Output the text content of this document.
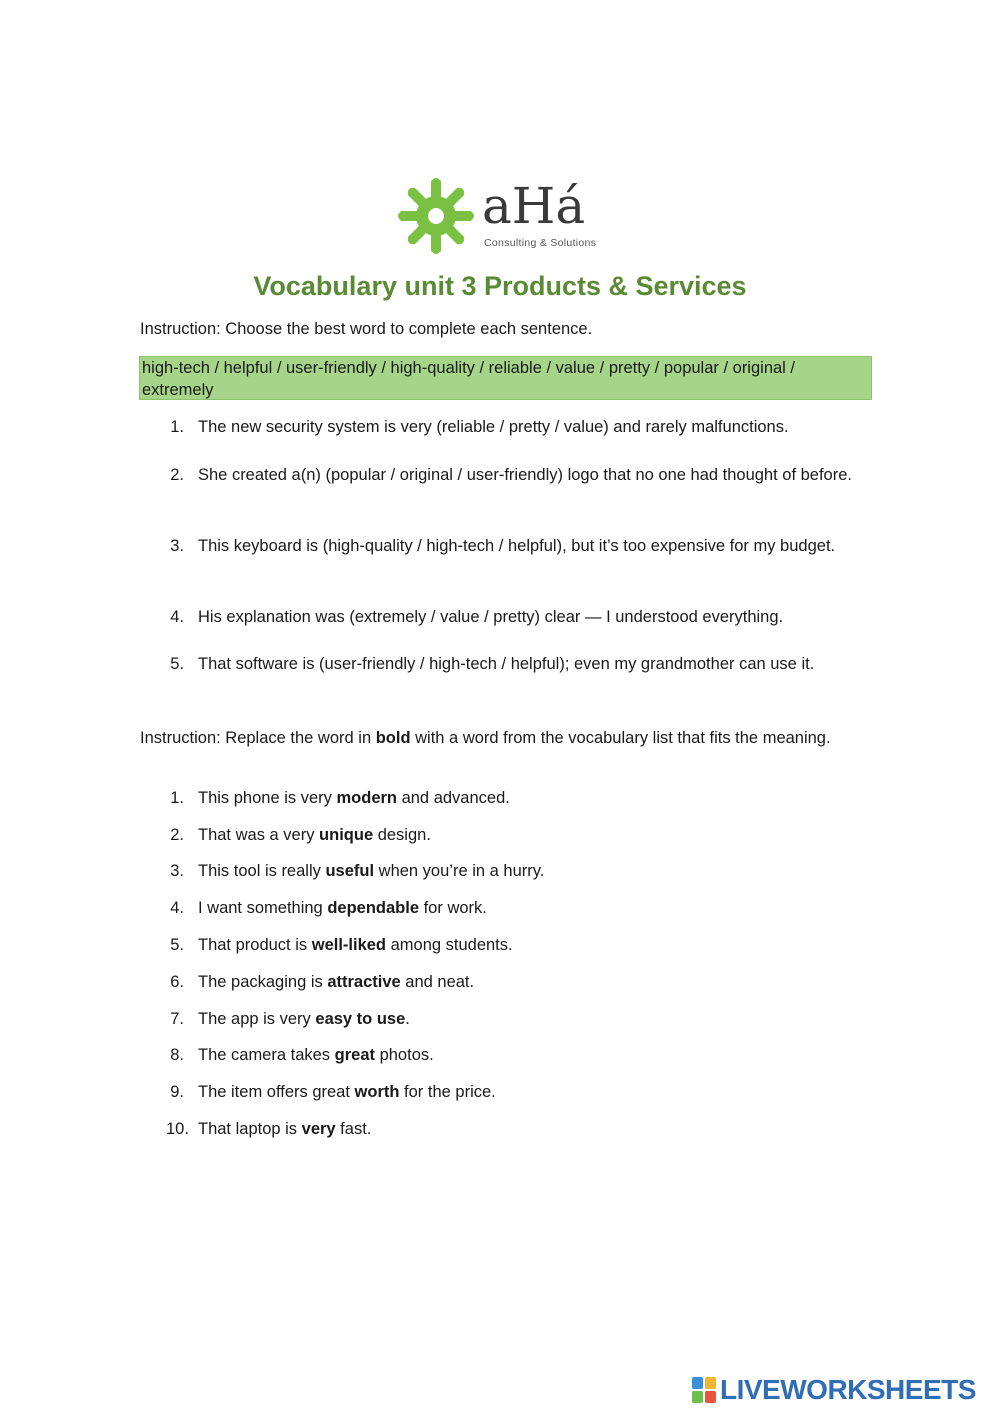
aHá
Consulting & Solutions
Vocabulary unit 3 Products & Services
Instruction: Choose the best word to complete each sentence.
high-tech / helpful / user-friendly / high-quality / reliable / value / pretty / popular / original / extremely
1. The new security system is very (reliable / pretty / value) and rarely malfunctions.
2. She created a(n) (popular / original / user-friendly) logo that no one had thought of before.
3. This keyboard is (high-quality / high-tech / helpful), but it’s too expensive for my budget.
4. His explanation was (extremely / value / pretty) clear — I understood everything.
5. That software is (user-friendly / high-tech / helpful); even my grandmother can use it.
Instruction: Replace the word in bold with a word from the vocabulary list that fits the meaning.
1. This phone is very modern and advanced.
2. That was a very unique design.
3. This tool is really useful when you’re in a hurry.
4. I want something dependable for work.
5. That product is well-liked among students.
6. The packaging is attractive and neat.
7. The app is very easy to use.
8. The camera takes great photos.
9. The item offers great worth for the price.
10. That laptop is very fast.
LIVEWORKSHEETS
